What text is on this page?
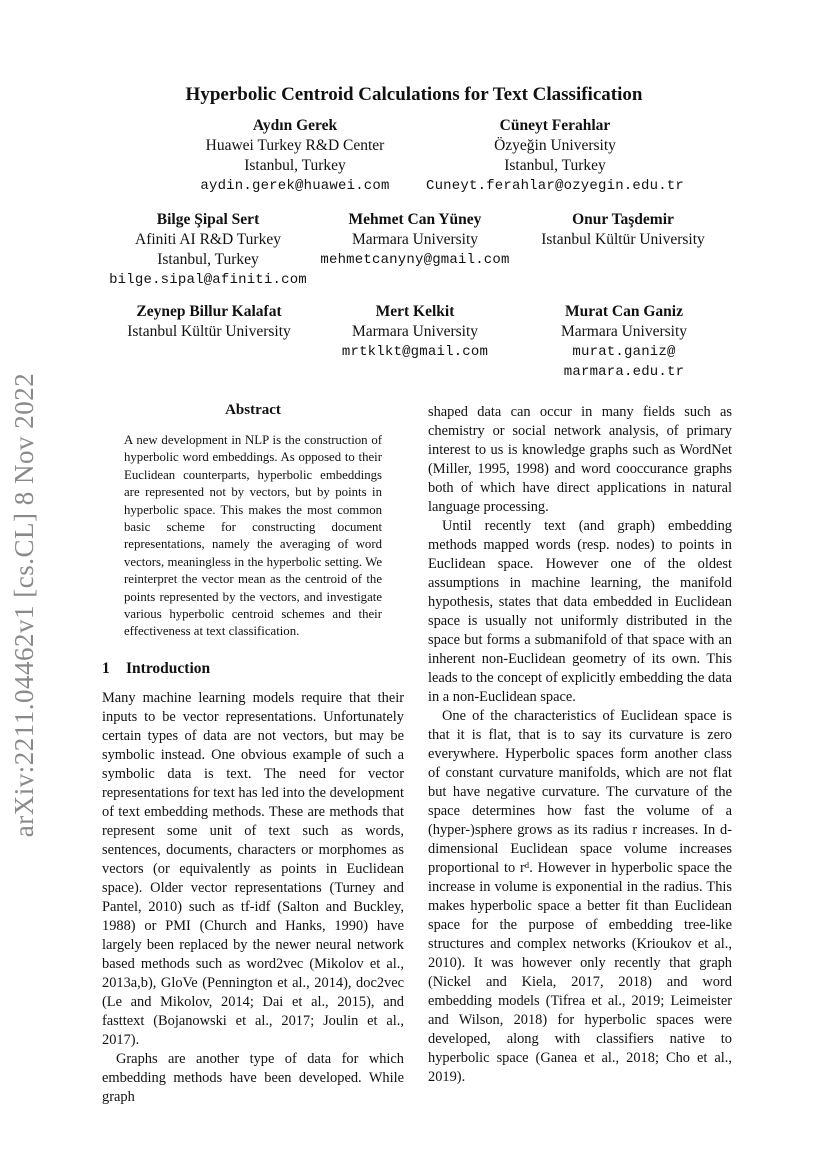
arXiv:2211.04462v1 [cs.CL] 8 Nov 2022
Hyperbolic Centroid Calculations for Text Classification
Aydın Gerek
Huawei Turkey R&D Center
Istanbul, Turkey
aydin.gerek@huawei.com
Cüneyt Ferahlar
Özyeğin University
Istanbul, Turkey
Cuneyt.ferahlar@ozyegin.edu.tr
Bilge Şipal Sert
Afiniti AI R&D Turkey
Istanbul, Turkey
bilge.sipal@afiniti.com
Mehmet Can Yüney
Marmara University
mehmetcanyny@gmail.com
Onur Taşdemir
Istanbul Kültür University
Zeynep Billur Kalafat
Istanbul Kültür University
Mert Kelkit
Marmara University
mrtklkt@gmail.com
Murat Can Ganiz
Marmara University
murat.ganiz@
marmara.edu.tr
Abstract
A new development in NLP is the construction of hyperbolic word embeddings. As opposed to their Euclidean counterparts, hyperbolic embeddings are represented not by vectors, but by points in hyperbolic space. This makes the most common basic scheme for constructing document representations, namely the averaging of word vectors, meaningless in the hyperbolic setting. We reinterpret the vector mean as the centroid of the points represented by the vectors, and investigate various hyperbolic centroid schemes and their effectiveness at text classification.
1 Introduction

Many machine learning models require that their inputs to be vector representations. Unfortunately certain types of data are not vectors, but may be symbolic instead. One obvious example of such a symbolic data is text. The need for vector representations for text has led into the development of text embedding methods. These are methods that represent some unit of text such as words, sentences, documents, characters or morphomes as vectors (or equivalently as points in Euclidean space). Older vector representations (Turney and Pantel, 2010) such as tf-idf (Salton and Buckley, 1988) or PMI (Church and Hanks, 1990) have largely been replaced by the newer neural network based methods such as word2vec (Mikolov et al., 2013a,b), GloVe (Pennington et al., 2014), doc2vec (Le and Mikolov, 2014; Dai et al., 2015), and fasttext (Bojanowski et al., 2017; Joulin et al., 2017).

Graphs are another type of data for which embedding methods have been developed. While graph

shaped data can occur in many fields such as chemistry or social network analysis, of primary interest to us is knowledge graphs such as WordNet (Miller, 1995, 1998) and word cooccurance graphs both of which have direct applications in natural language processing.

Until recently text (and graph) embedding methods mapped words (resp. nodes) to points in Euclidean space. However one of the oldest assumptions in machine learning, the manifold hypothesis, states that data embedded in Euclidean space is usually not uniformly distributed in the space but forms a submanifold of that space with an inherent non-Euclidean geometry of its own. This leads to the concept of explicitly embedding the data in a non-Euclidean space.

One of the characteristics of Euclidean space is that it is flat, that is to say its curvature is zero everywhere. Hyperbolic spaces form another class of constant curvature manifolds, which are not flat but have negative curvature. The curvature of the space determines how fast the volume of a (hyper-)sphere grows as its radius r increases. In d-dimensional Euclidean space volume increases proportional to rᵈ. However in hyperbolic space the increase in volume is exponential in the radius. This makes hyperbolic space a better fit than Euclidean space for the purpose of embedding tree-like structures and complex networks (Krioukov et al., 2010). It was however only recently that graph (Nickel and Kiela, 2017, 2018) and word embedding models (Tifrea et al., 2019; Leimeister and Wilson, 2018) for hyperbolic spaces were developed, along with classifiers native to hyperbolic space (Ganea et al., 2018; Cho et al., 2019).
